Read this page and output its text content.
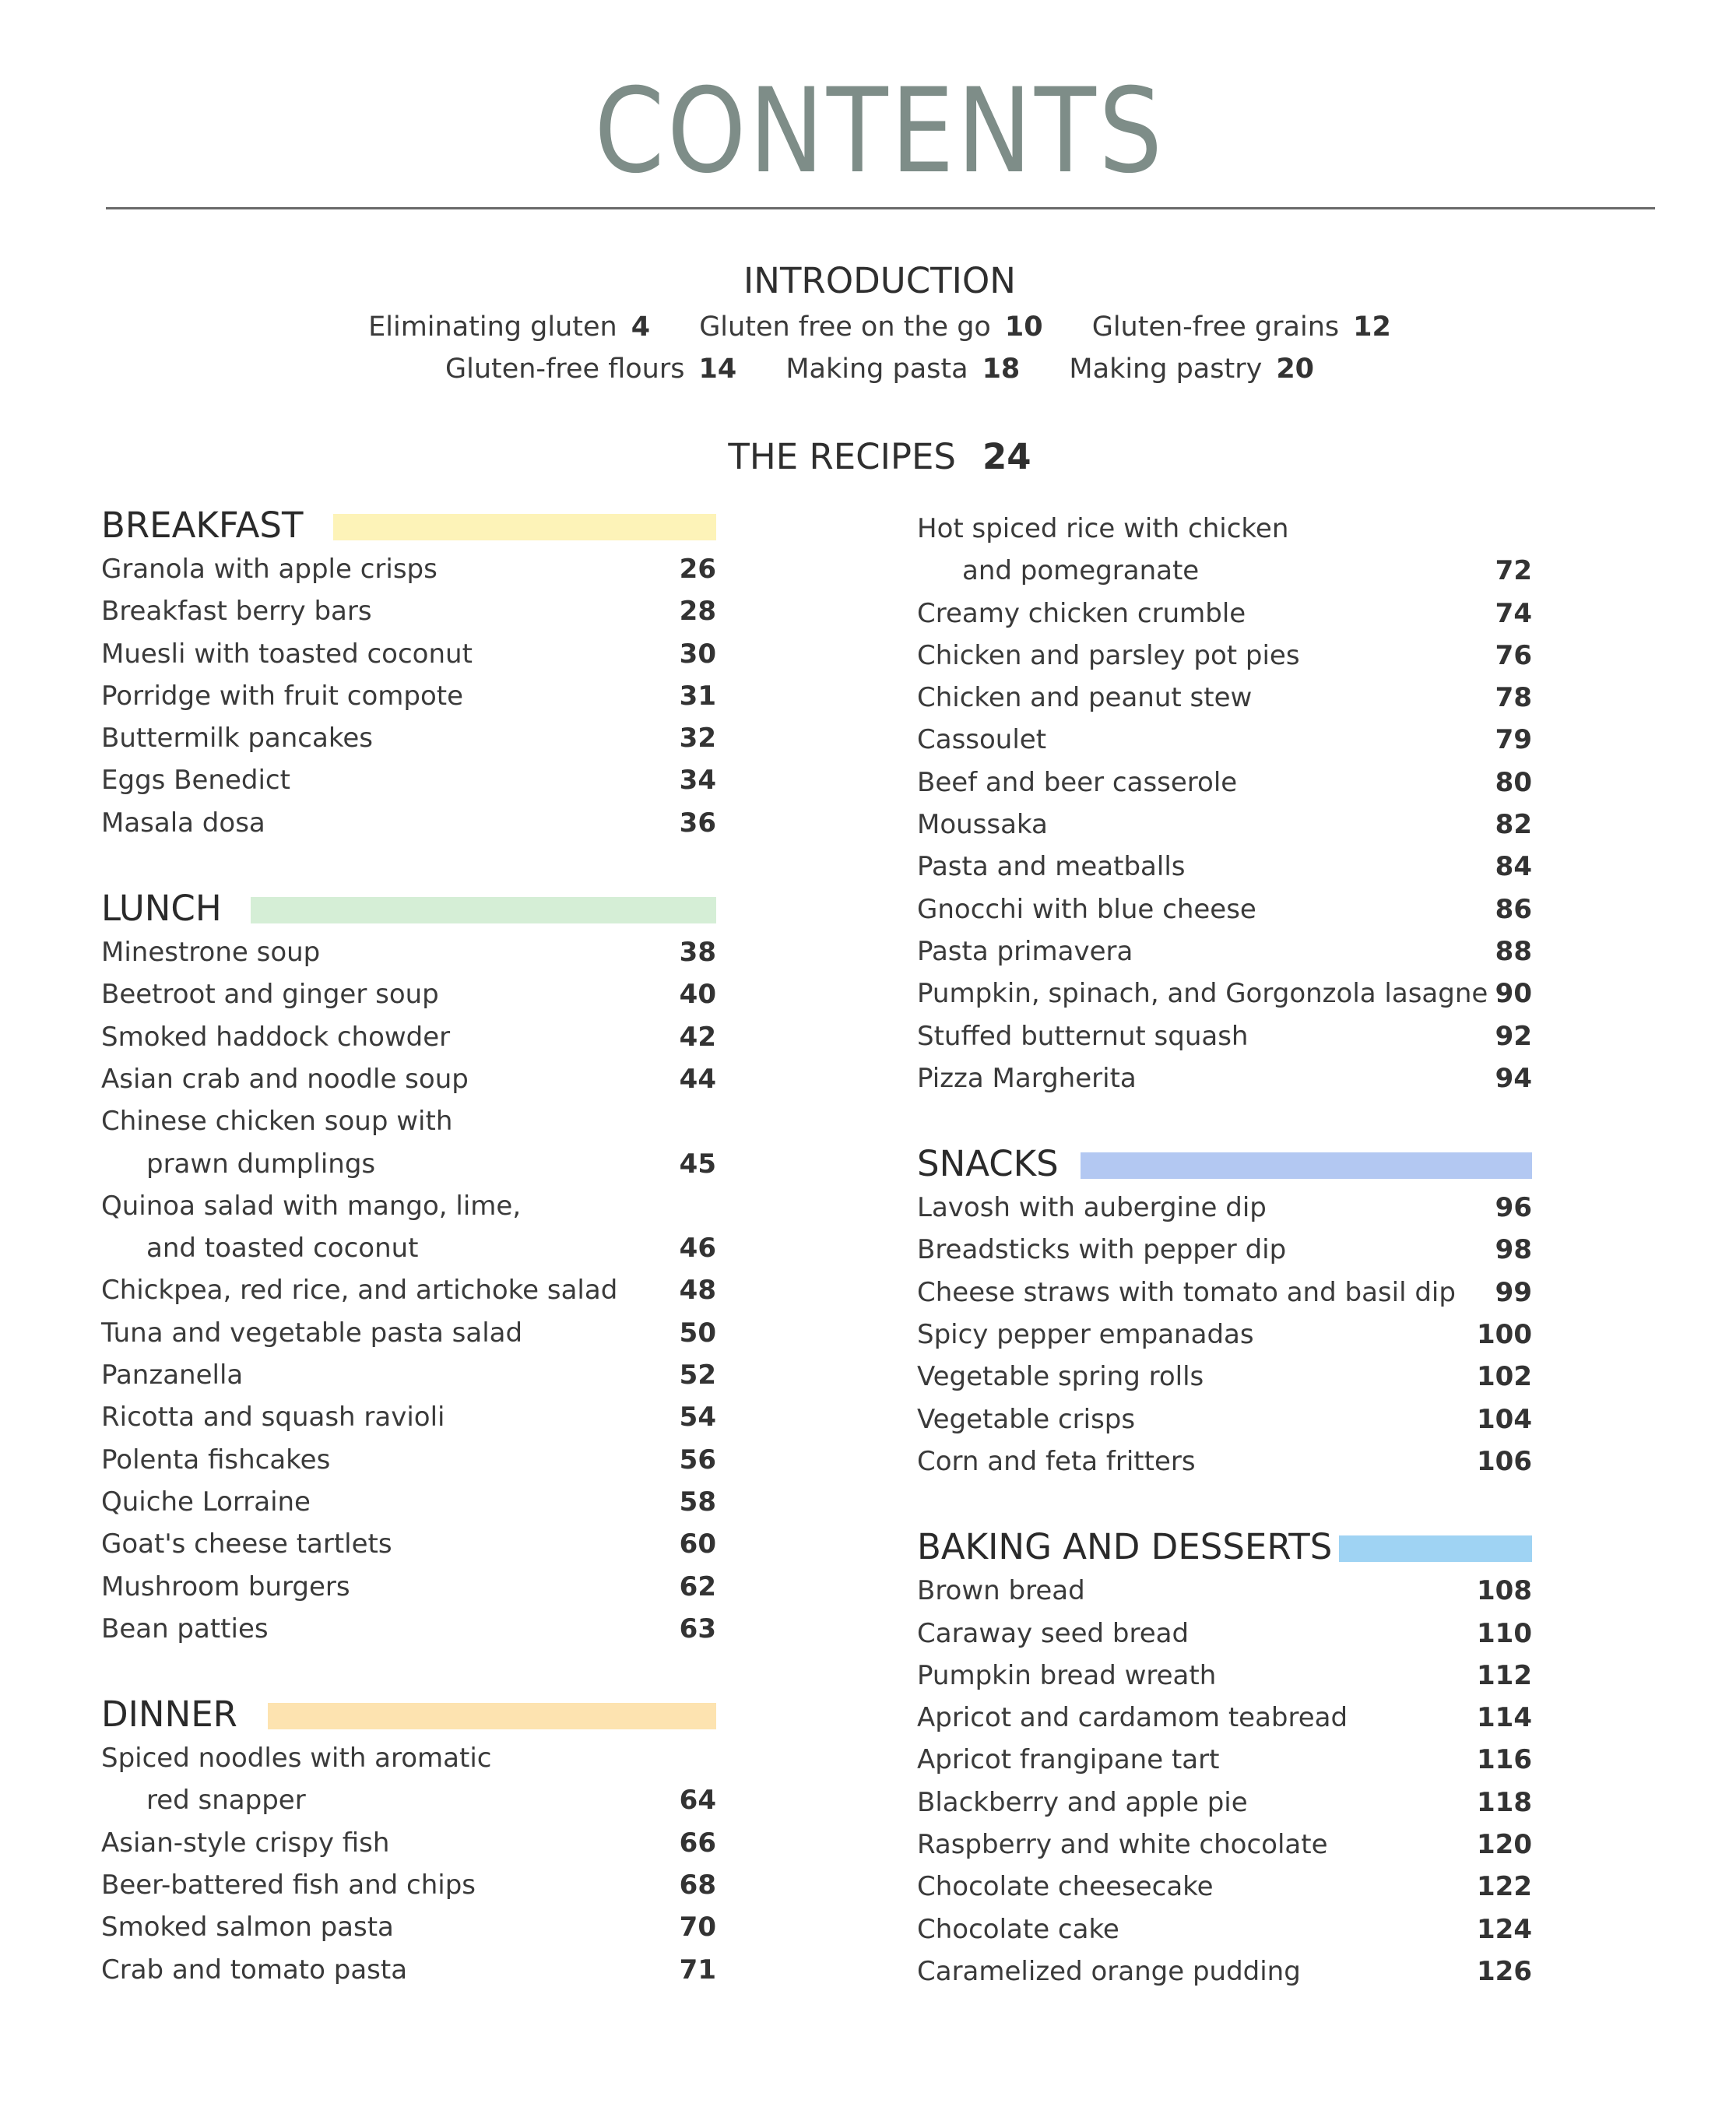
CONTENTS
INTRODUCTION
Eliminating gluten 4 Gluten free on the go 10 Gluten-free grains 12
Gluten-free flours 14 Making pasta 18 Making pastry 20
THE RECIPES 24
BREAKFAST
Granola with apple crisps	26
Breakfast berry bars	28
Muesli with toasted coconut	30
Porridge with fruit compote	31
Buttermilk pancakes	32
Eggs Benedict	34
Masala dosa	36
LUNCH
Minestrone soup	38
Beetroot and ginger soup	40
Smoked haddock chowder	42
Asian crab and noodle soup	44
Chinese chicken soup with
prawn dumplings	45
Quinoa salad with mango, lime,
and toasted coconut	46
Chickpea, red rice, and artichoke salad 48
Tuna and vegetable pasta salad	50
Panzanella	52
Ricotta and squash ravioli	54
Polenta fishcakes	56
Quiche Lorraine	58
Goat's cheese tartlets	60
Mushroom burgers	62
Bean patties	63
DINNER
Spiced noodles with aromatic
red snapper	64
Asian-style crispy fish	66
Beer-battered fish and chips	68
Smoked salmon pasta	70
Crab and tomato pasta	71
Hot spiced rice with chicken
and pomegranate	72
Creamy chicken crumble	74
Chicken and parsley pot pies	76
Chicken and peanut stew	78
Cassoulet	79
Beef and beer casserole	80
Moussaka	82
Pasta and meatballs	84
Gnocchi with blue cheese	86
Pasta primavera	88
Pumpkin, spinach, and Gorgonzola lasagne 90
Stuffed butternut squash	92
Pizza Margherita	94
SNACKS
Lavosh with aubergine dip	96
Breadsticks with pepper dip	98
Cheese straws with tomato and basil dip 99
Spicy pepper empanadas	100
Vegetable spring rolls	102
Vegetable crisps	104
Corn and feta fritters	106
BAKING AND DESSERTS
Brown bread	108
Caraway seed bread	110
Pumpkin bread wreath	112
Apricot and cardamom teabread	114
Apricot frangipane tart	116
Blackberry and apple pie	118
Raspberry and white chocolate	120
Chocolate cheesecake	122
Chocolate cake	124
Caramelized orange pudding	126
